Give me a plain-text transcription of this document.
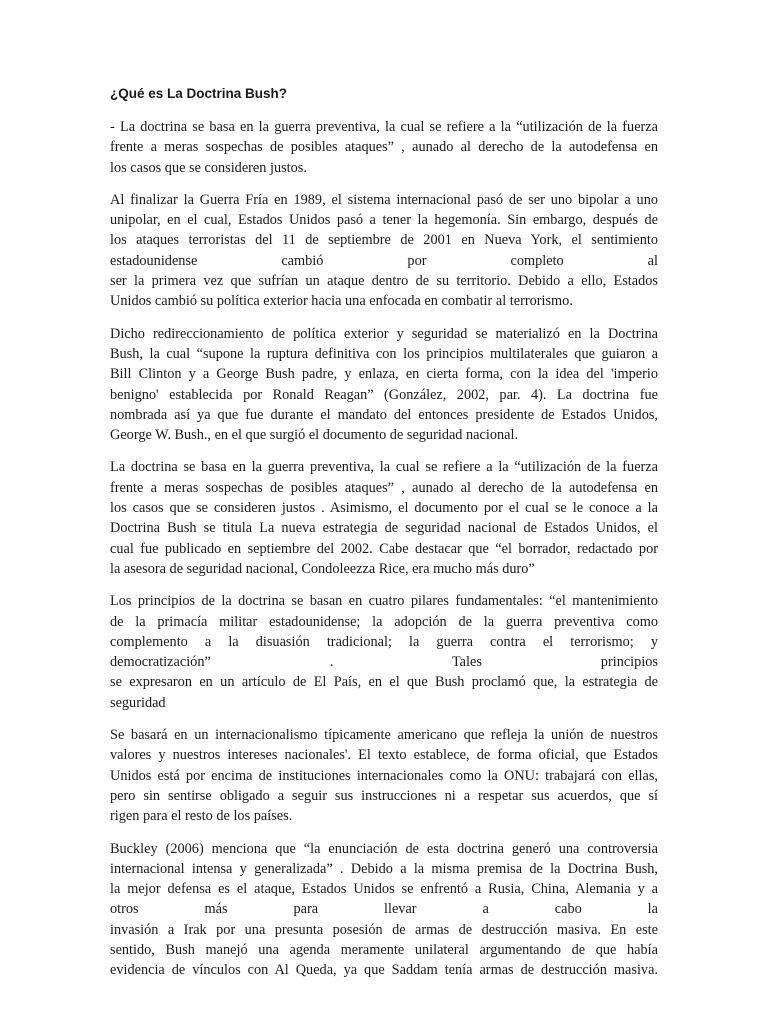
¿Qué es La Doctrina Bush?
- La doctrina se basa en la guerra preventiva, la cual se refiere a la “utilización de la fuerza
frente a meras sospechas de posibles ataques” , aunado al derecho de la autodefensa en
los casos que se consideren justos.
Al finalizar la Guerra Fría en 1989, el sistema internacional pasó de ser uno bipolar a uno
unipolar, en el cual, Estados Unidos pasó a tener la hegemonía. Sin embargo, después de
los ataques terroristas del 11 de septiembre de 2001 en Nueva York, el sentimiento
estadounidense cambió por completo al
ser la primera vez que sufrían un ataque dentro de su territorio. Debido a ello, Estados
Unidos cambió su política exterior hacia una enfocada en combatir al terrorismo.
Dicho redireccionamiento de política exterior y seguridad se materializó en la Doctrina
Bush, la cual “supone la ruptura definitiva con los principios multilaterales que guiaron a
Bill Clinton y a George Bush padre, y enlaza, en cierta forma, con la idea del 'imperio
benigno' establecida por Ronald Reagan” (González, 2002, par. 4). La doctrina fue
nombrada así ya que fue durante el mandato del entonces presidente de Estados Unidos,
George W. Bush., en el que surgió el documento de seguridad nacional.
La doctrina se basa en la guerra preventiva, la cual se refiere a la “utilización de la fuerza
frente a meras sospechas de posibles ataques” , aunado al derecho de la autodefensa en
los casos que se consideren justos . Asimismo, el documento por el cual se le conoce a la
Doctrina Bush se titula La nueva estrategia de seguridad nacional de Estados Unidos, el
cual fue publicado en septiembre del 2002. Cabe destacar que “el borrador, redactado por
la asesora de seguridad nacional, Condoleezza Rice, era mucho más duro”
Los principios de la doctrina se basan en cuatro pilares fundamentales: “el mantenimiento
de la primacía militar estadounidense; la adopción de la guerra preventiva como
complemento a la disuasión tradicional; la guerra contra el terrorismo; y
democratización” . Tales principios
se expresaron en un artículo de El País, en el que Bush proclamó que, la estrategia de
seguridad
Se basará en un internacionalismo típicamente americano que refleja la unión de nuestros
valores y nuestros intereses nacionales'. El texto establece, de forma oficial, que Estados
Unidos está por encima de instituciones internacionales como la ONU: trabajará con ellas,
pero sin sentirse obligado a seguir sus instrucciones ni a respetar sus acuerdos, que sí
rigen para el resto de los países.
Buckley (2006) menciona que “la enunciación de esta doctrina generó una controversia
internacional intensa y generalizada” . Debido a la misma premisa de la Doctrina Bush,
la mejor defensa es el ataque, Estados Unidos se enfrentó a Rusia, China, Alemania y a
otros más para llevar a cabo la
invasión a Irak por una presunta posesión de armas de destrucción masiva. En este
sentido, Bush manejó una agenda meramente unilateral argumentando de que había
evidencia de vínculos con Al Queda, ya que Saddam tenía armas de destrucción masiva.
